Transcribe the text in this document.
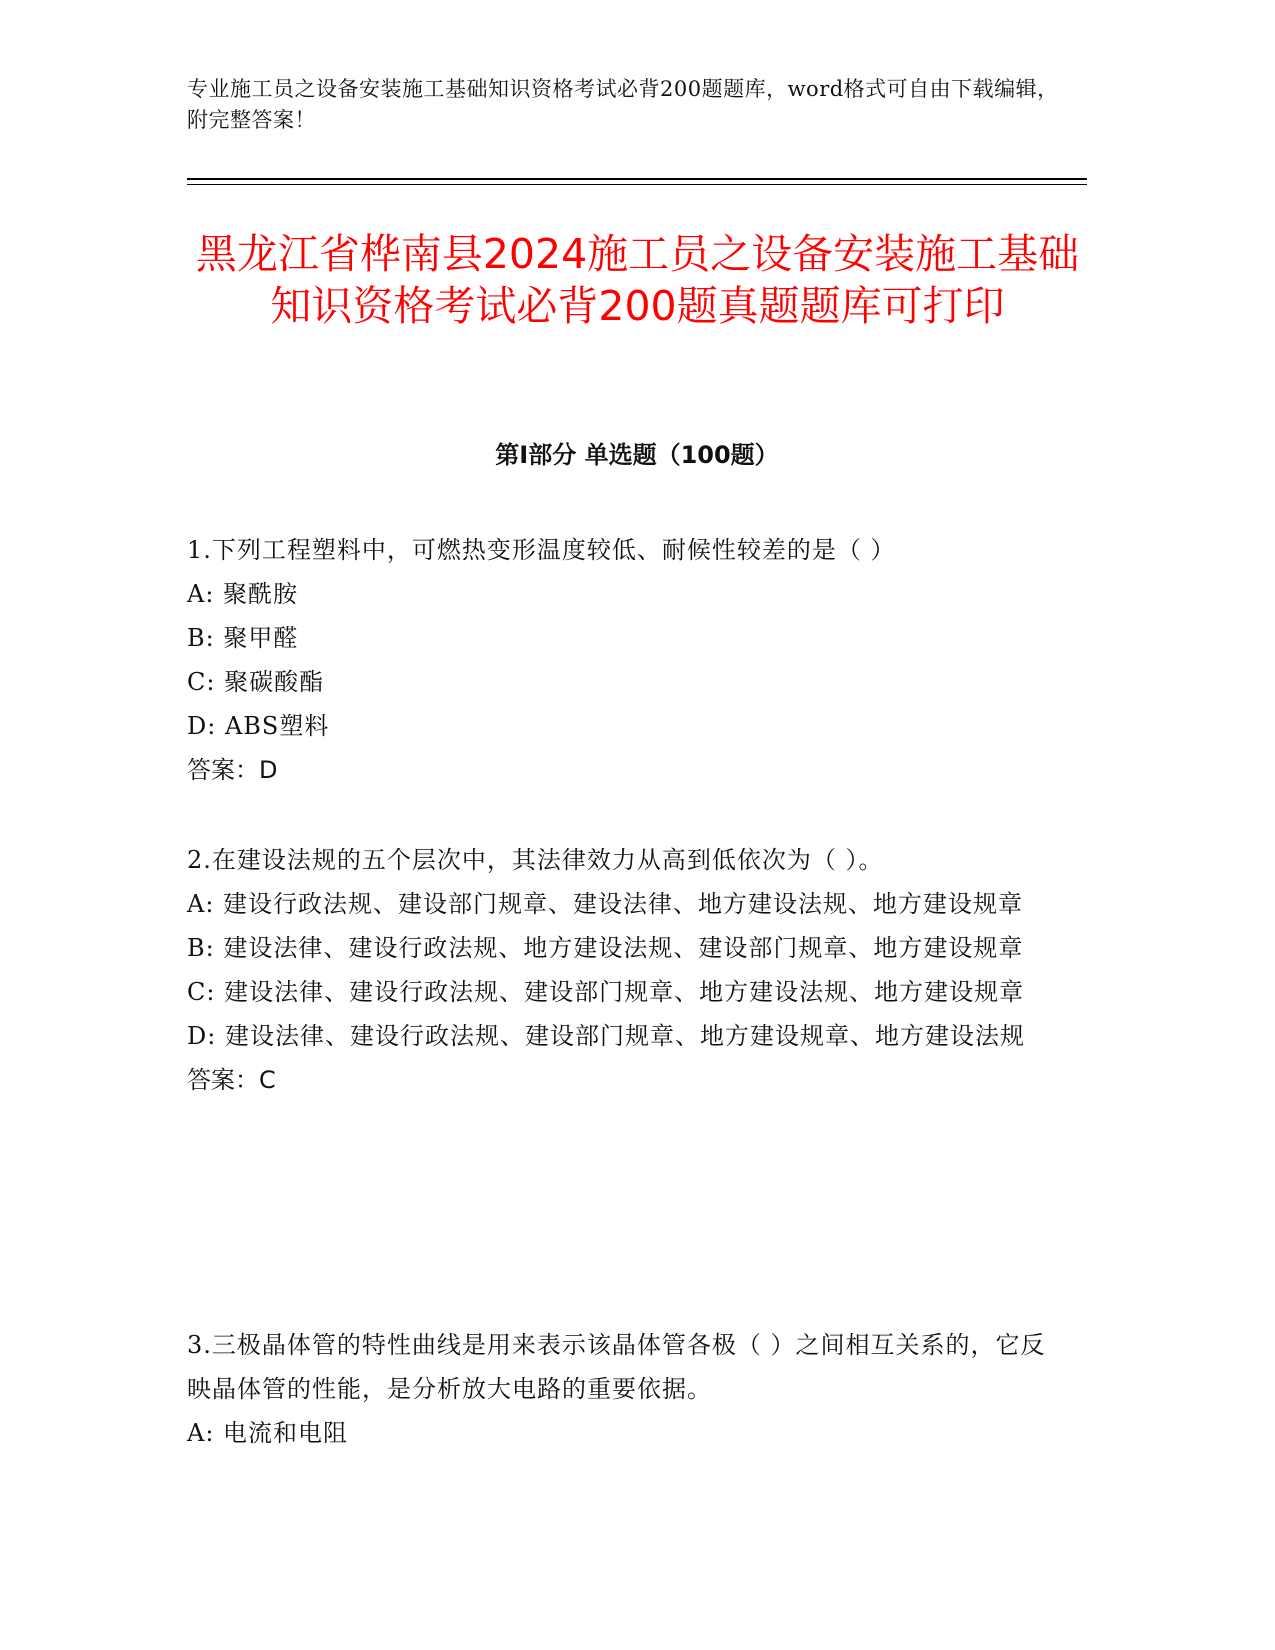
专业施工员之设备安装施工基础知识资格考试必背200题题库，word格式可自由下载编辑，附完整答案！
黑龙江省桦南县2024施工员之设备安装施工基础知识资格考试必背200题真题题库可打印
第I部分 单选题（100题）

1.下列工程塑料中，可燃热变形温度较低、耐候性较差的是（ ）

A: 聚酰胺

B: 聚甲醛

C: 聚碳酸酯

D: ABS塑料

答案：D

2.在建设法规的五个层次中，其法律效力从高到低依次为（ ）。

A: 建设行政法规、建设部门规章、建设法律、地方建设法规、地方建设规章

B: 建设法律、建设行政法规、地方建设法规、建设部门规章、地方建设规章

C: 建设法律、建设行政法规、建设部门规章、地方建设法规、地方建设规章

D: 建设法律、建设行政法规、建设部门规章、地方建设规章、地方建设法规

答案：C

3.三极晶体管的特性曲线是用来表示该晶体管各极（ ）之间相互关系的，它反映晶体管的性能，是分析放大电路的重要依据。

A: 电流和电阻
